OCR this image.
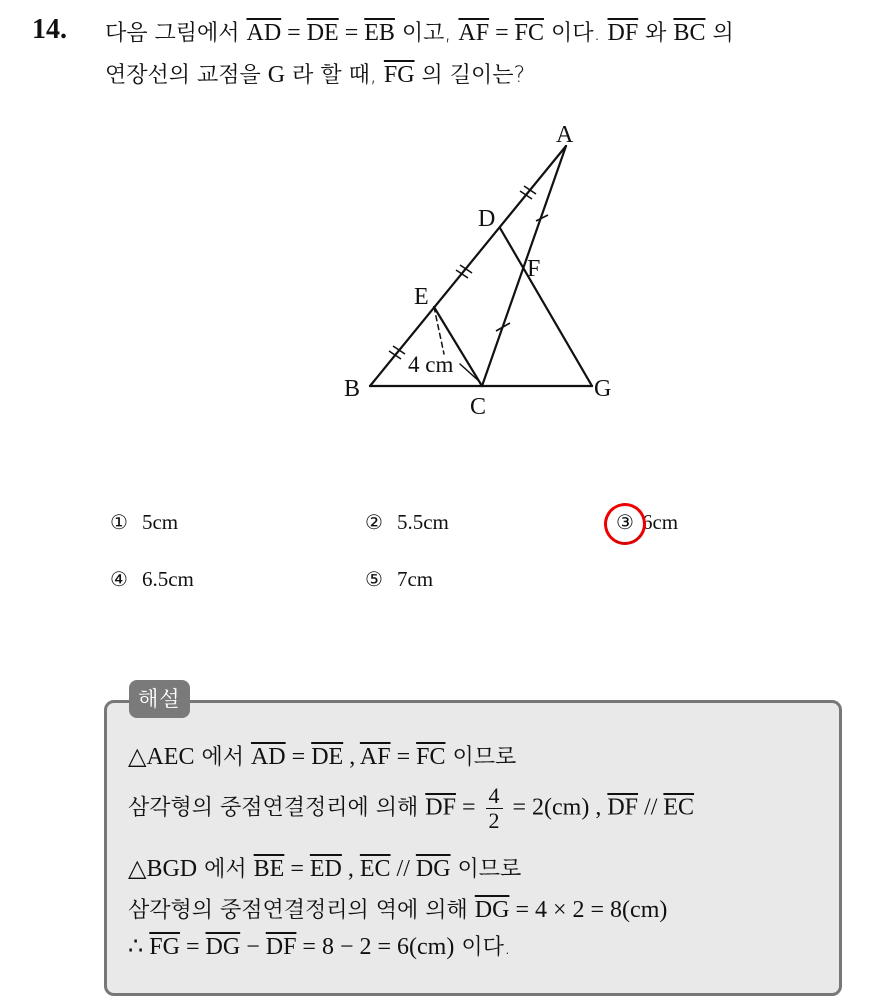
14. 다음 그림에서 $\overline{AD} = \overline{DE} = \overline{EB}$ 이고, $\overline{AF} = \overline{FC}$ 이다. $\overline{DF}$ 와 $\overline{BC}$ 의
연장선의 교점을 G 라 할 때, $\overline{FG}$ 의 길이는?
A
D
F
E
B
C
G
4 cm
① 5cm	② 5.5cm	③ 6cm
④ 6.5cm	⑤ 7cm
해설
△AEC 에서 $\overline{AD} = \overline{DE}$ , $\overline{AF} = \overline{FC}$ 이므로
삼각형의 중점연결정리에 의해 $\overline{DF} = \frac{4}{2} = 2(cm)$ , $\overline{DF} // \overline{EC}$
△BGD 에서 $\overline{BE} = \overline{ED}$ , $\overline{EC} // \overline{DG}$ 이므로
삼각형의 중점연결정리의 역에 의해 $\overline{DG} = 4 \times 2 = 8(cm)$
∴ $\overline{FG} = \overline{DG} - \overline{DF} = 8 - 2 = 6(cm)$ 이다.
